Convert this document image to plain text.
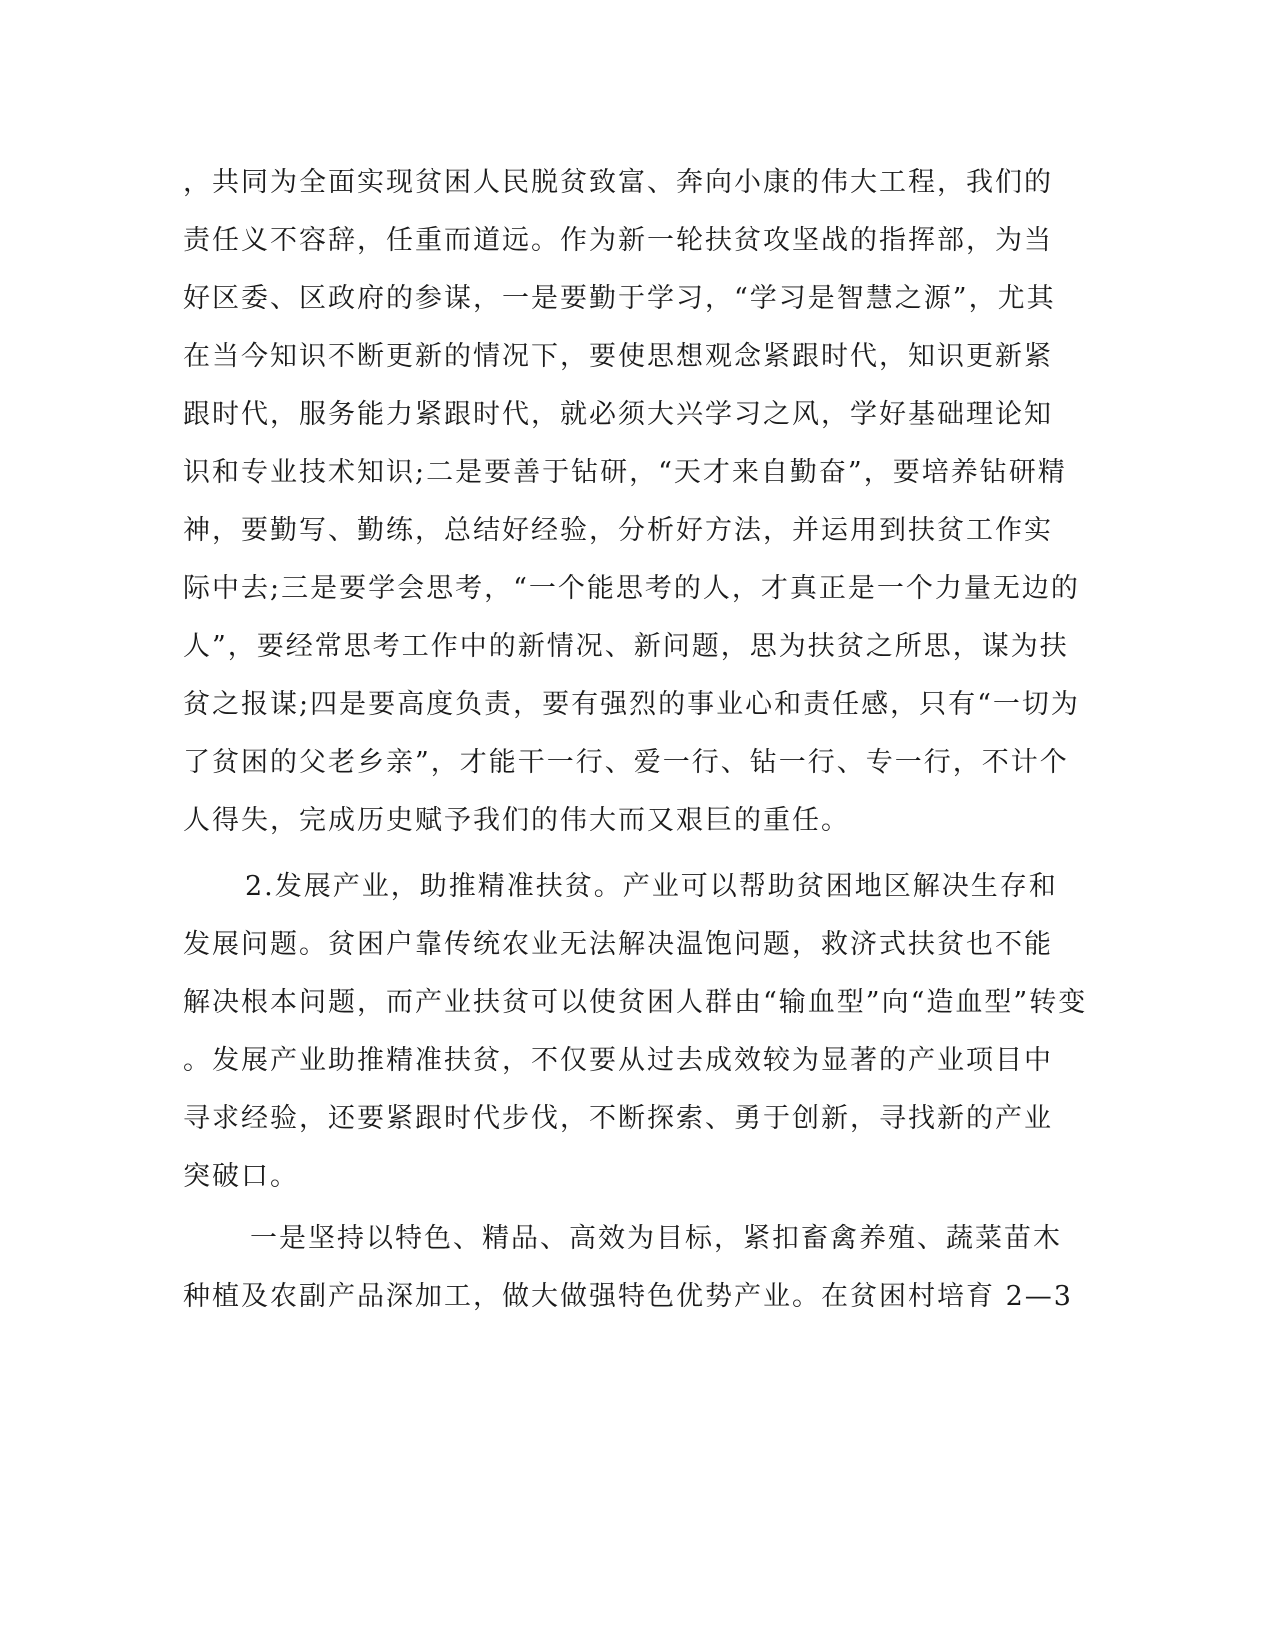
，共同为全面实现贫困人民脱贫致富、奔向小康的伟大工程，我们的
责任义不容辞，任重而道远。作为新一轮扶贫攻坚战的指挥部，为当
好区委、区政府的参谋，一是要勤于学习，“学习是智慧之源”，尤其
在当今知识不断更新的情况下，要使思想观念紧跟时代，知识更新紧
跟时代，服务能力紧跟时代，就必须大兴学习之风，学好基础理论知
识和专业技术知识;二是要善于钻研，“天才来自勤奋”，要培养钻研精
神，要勤写、勤练，总结好经验，分析好方法，并运用到扶贫工作实
际中去;三是要学会思考，“一个能思考的人，才真正是一个力量无边的
人”，要经常思考工作中的新情况、新问题，思为扶贫之所思，谋为扶
贫之报谋;四是要高度负责，要有强烈的事业心和责任感，只有“一切为
了贫困的父老乡亲”，才能干一行、爱一行、钻一行、专一行，不计个
人得失，完成历史赋予我们的伟大而又艰巨的重任。
2.发展产业，助推精准扶贫。产业可以帮助贫困地区解决生存和
发展问题。贫困户靠传统农业无法解决温饱问题，救济式扶贫也不能
解决根本问题，而产业扶贫可以使贫困人群由“输血型”向“造血型”转变
。发展产业助推精准扶贫，不仅要从过去成效较为显著的产业项目中
寻求经验，还要紧跟时代步伐，不断探索、勇于创新，寻找新的产业
突破口。
一是坚持以特色、精品、高效为目标，紧扣畜禽养殖、蔬菜苗木
种植及农副产品深加工，做大做强特色优势产业。在贫困村培育 2—3
